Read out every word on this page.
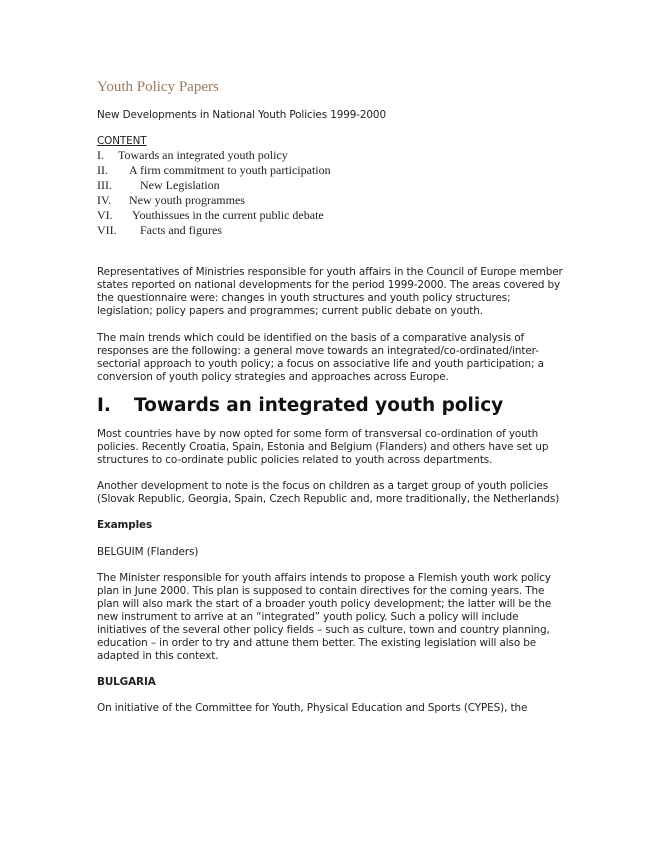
Youth Policy Papers
New Developments in National Youth Policies 1999-2000
CONTENT
I.	Towards an integrated youth policy
II.	A firm commitment to youth participation
III.	New Legislation
IV.	New youth programmes
VI.	Youthissues in the current public debate
VII.	Facts and figures

Representatives of Ministries responsible for youth affairs in the Council of Europe member states reported on national developments for the period 1999-2000. The areas covered by the questionnaire were: changes in youth structures and youth policy structures; legislation; policy papers and programmes; current public debate on youth.

The main trends which could be identified on the basis of a comparative analysis of responses are the following: a general move towards an integrated/co-ordinated/inter-sectorial approach to youth policy; a focus on associative life and youth participation; a conversion of youth policy strategies and approaches across Europe.

I.	Towards an integrated youth policy

Most countries have by now opted for some form of transversal co-ordination of youth policies. Recently Croatia, Spain, Estonia and Belgium (Flanders) and others have set up structures to co-ordinate public policies related to youth across departments.

Another development to note is the focus on children as a target group of youth policies (Slovak Republic, Georgia, Spain, Czech Republic and, more traditionally, the Netherlands)

Examples
BELGUIM (Flanders)

The Minister responsible for youth affairs intends to propose a Flemish youth work policy plan in June 2000. This plan is supposed to contain directives for the coming years. The plan will also mark the start of a broader youth policy development; the latter will be the new instrument to arrive at an “integrated” youth policy. Such a policy will include initiatives of the several other policy fields – such as culture, town and country planning, education – in order to try and attune them better. The existing legislation will also be adapted in this context.

BULGARIA

On initiative of the Committee for Youth, Physical Education and Sports (CYPES), the
